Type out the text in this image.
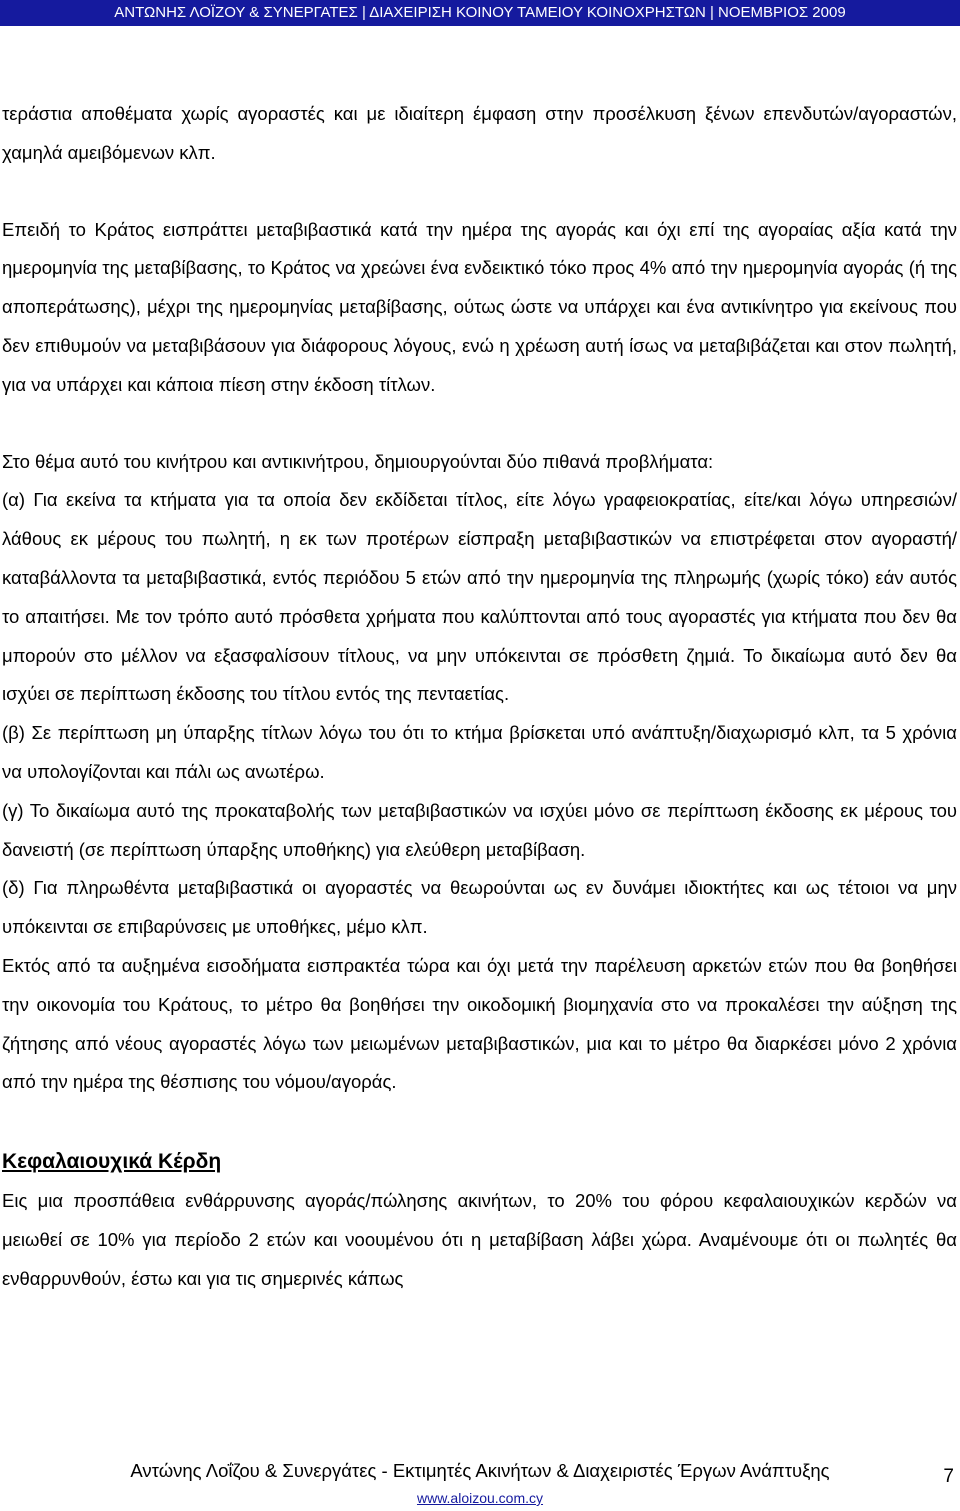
ΑΝΤΩΝΗΣ ΛΟΪΖΟΥ & ΣΥΝΕΡΓΑΤΕΣ | ΔΙΑΧΕΙΡΙΣΗ ΚΟΙΝΟΥ ΤΑΜΕΙΟΥ ΚΟΙΝΟΧΡΗΣΤΩΝ | ΝΟΕΜΒΡΙΟΣ 2009

τεράστια αποθέματα χωρίς αγοραστές και με ιδιαίτερη έμφαση στην προσέλκυση ξένων επενδυτών/αγοραστών, χαμηλά αμειβόμενων κλπ.

Επειδή το Κράτος εισπράττει μεταβιβαστικά κατά την ημέρα της αγοράς και όχι επί της αγοραίας αξία κατά την ημερομηνία της μεταβίβασης, το Κράτος να χρεώνει ένα ενδεικτικό τόκο προς 4% από την ημερομηνία αγοράς (ή της αποπεράτωσης), μέχρι της ημερομηνίας μεταβίβασης, ούτως ώστε να υπάρχει και ένα αντικίνητρο για εκείνους που δεν επιθυμούν να μεταβιβάσουν για διάφορους λόγους, ενώ η χρέωση αυτή ίσως να μεταβιβάζεται και στον πωλητή, για να υπάρχει και κάποια πίεση στην έκδοση τίτλων.

Στο θέμα αυτό του κινήτρου και αντικινήτρου, δημιουργούνται δύο πιθανά προβλήματα:

(α) Για εκείνα τα κτήματα για τα οποία δεν εκδίδεται τίτλος, είτε λόγω γραφειοκρατίας, είτε/και λόγω υπηρεσιών/λάθους εκ μέρους του πωλητή, η εκ των προτέρων είσπραξη μεταβιβαστικών να επιστρέφεται στον αγοραστή/ καταβάλλοντα τα μεταβιβαστικά, εντός περιόδου 5 ετών από την ημερομηνία της πληρωμής (χωρίς τόκο) εάν αυτός το απαιτήσει. Με τον τρόπο αυτό πρόσθετα χρήματα που καλύπτονται από τους αγοραστές για κτήματα που δεν θα μπορούν στο μέλλον να εξασφαλίσουν τίτλους, να μην υπόκεινται σε πρόσθετη ζημιά. Το δικαίωμα αυτό δεν θα ισχύει σε περίπτωση έκδοσης του τίτλου εντός της πενταετίας.

(β) Σε περίπτωση μη ύπαρξης τίτλων λόγω του ότι το κτήμα βρίσκεται υπό ανάπτυξη/διαχωρισμό κλπ, τα 5 χρόνια να υπολογίζονται και πάλι ως ανωτέρω.

(γ) Το δικαίωμα αυτό της προκαταβολής των μεταβιβαστικών να ισχύει μόνο σε περίπτωση έκδοσης εκ μέρους του δανειστή (σε περίπτωση ύπαρξης υποθήκης) για ελεύθερη μεταβίβαση.

(δ) Για πληρωθέντα μεταβιβαστικά οι αγοραστές να θεωρούνται ως εν δυνάμει ιδιοκτήτες και ως τέτοιοι να μην υπόκεινται σε επιβαρύνσεις με υποθήκες, μέμο κλπ.

Εκτός από τα αυξημένα εισοδήματα εισπρακτέα τώρα και όχι μετά την παρέλευση αρκετών ετών που θα βοηθήσει την οικονομία του Κράτους, το μέτρο θα βοηθήσει την οικοδομική βιομηχανία στο να προκαλέσει την αύξηση της ζήτησης από νέους αγοραστές λόγω των μειωμένων μεταβιβαστικών, μια και το μέτρο θα διαρκέσει μόνο 2 χρόνια από την ημέρα της θέσπισης του νόμου/αγοράς.

Κεφαλαιουχικά Κέρδη

Εις μια προσπάθεια ενθάρρυνσης αγοράς/πώλησης ακινήτων, το 20% του φόρου κεφαλαιουχικών κερδών να μειωθεί σε 10% για περίοδο 2 ετών και νοουμένου ότι η μεταβίβαση λάβει χώρα. Αναμένουμε ότι οι πωλητές θα ενθαρρυνθούν, έστω και για τις σημερινές κάπως

Αντώνης Λοΐζου & Συνεργάτες - Εκτιμητές Ακινήτων & Διαχειριστές Έργων Ανάπτυξης
www.aloizou.com.cy
7
